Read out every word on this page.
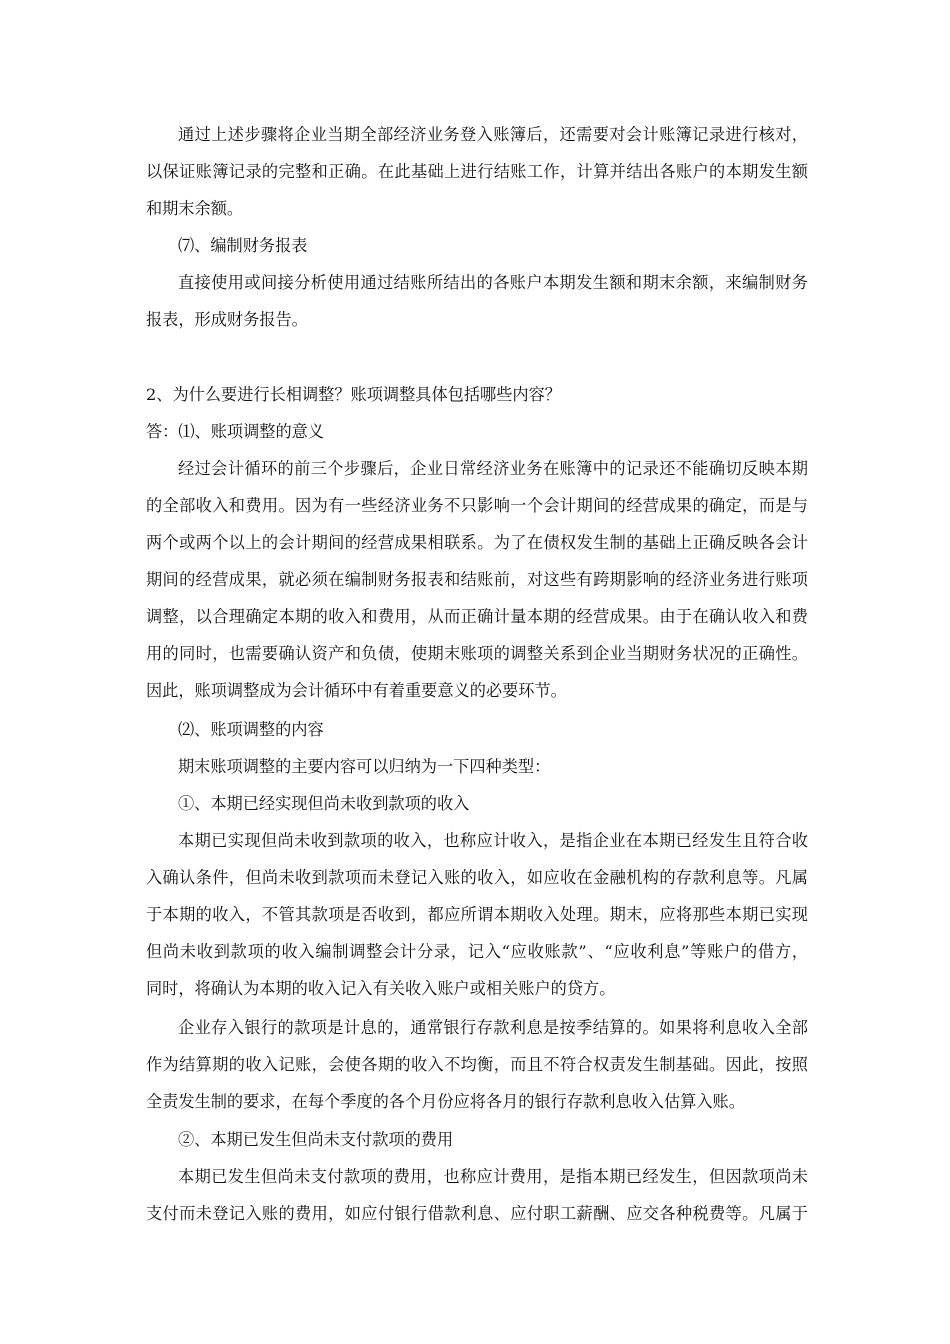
通过上述步骤将企业当期全部经济业务登入账簿后，还需要对会计账簿记录进行核对，
以保证账簿记录的完整和正确。在此基础上进行结账工作，计算并结出各账户的本期发生额
和期末余额。

⑺、编制财务报表

直接使用或间接分析使用通过结账所结出的各账户本期发生额和期末余额，来编制财务
报表，形成财务报告。

2、为什么要进行长相调整？账项调整具体包括哪些内容？

答：⑴、账项调整的意义

经过会计循环的前三个步骤后，企业日常经济业务在账簿中的记录还不能确切反映本期
的全部收入和费用。因为有一些经济业务不只影响一个会计期间的经营成果的确定，而是与
两个或两个以上的会计期间的经营成果相联系。为了在债权发生制的基础上正确反映各会计
期间的经营成果，就必须在编制财务报表和结账前，对这些有跨期影响的经济业务进行账项
调整，以合理确定本期的收入和费用，从而正确计量本期的经营成果。由于在确认收入和费
用的同时，也需要确认资产和负债，使期末账项的调整关系到企业当期财务状况的正确性。
因此，账项调整成为会计循环中有着重要意义的必要环节。

⑵、账项调整的内容

期末账项调整的主要内容可以归纳为一下四种类型：

①、本期已经实现但尚未收到款项的收入

本期已实现但尚未收到款项的收入，也称应计收入，是指企业在本期已经发生且符合收
入确认条件，但尚未收到款项而未登记入账的收入，如应收在金融机构的存款利息等。凡属
于本期的收入，不管其款项是否收到，都应所谓本期收入处理。期末，应将那些本期已实现
但尚未收到款项的收入编制调整会计分录，记入“应收账款”、“应收利息”等账户的借方，
同时，将确认为本期的收入记入有关收入账户或相关账户的贷方。
企业存入银行的款项是计息的，通常银行存款利息是按季结算的。如果将利息收入全部
作为结算期的收入记账，会使各期的收入不均衡，而且不符合权责发生制基础。因此，按照
全责发生制的要求，在每个季度的各个月份应将各月的银行存款利息收入估算入账。

②、本期已发生但尚未支付款项的费用

本期已发生但尚未支付款项的费用，也称应计费用，是指本期已经发生，但因款项尚未
支付而未登记入账的费用，如应付银行借款利息、应付职工薪酬、应交各种税费等。凡属于
